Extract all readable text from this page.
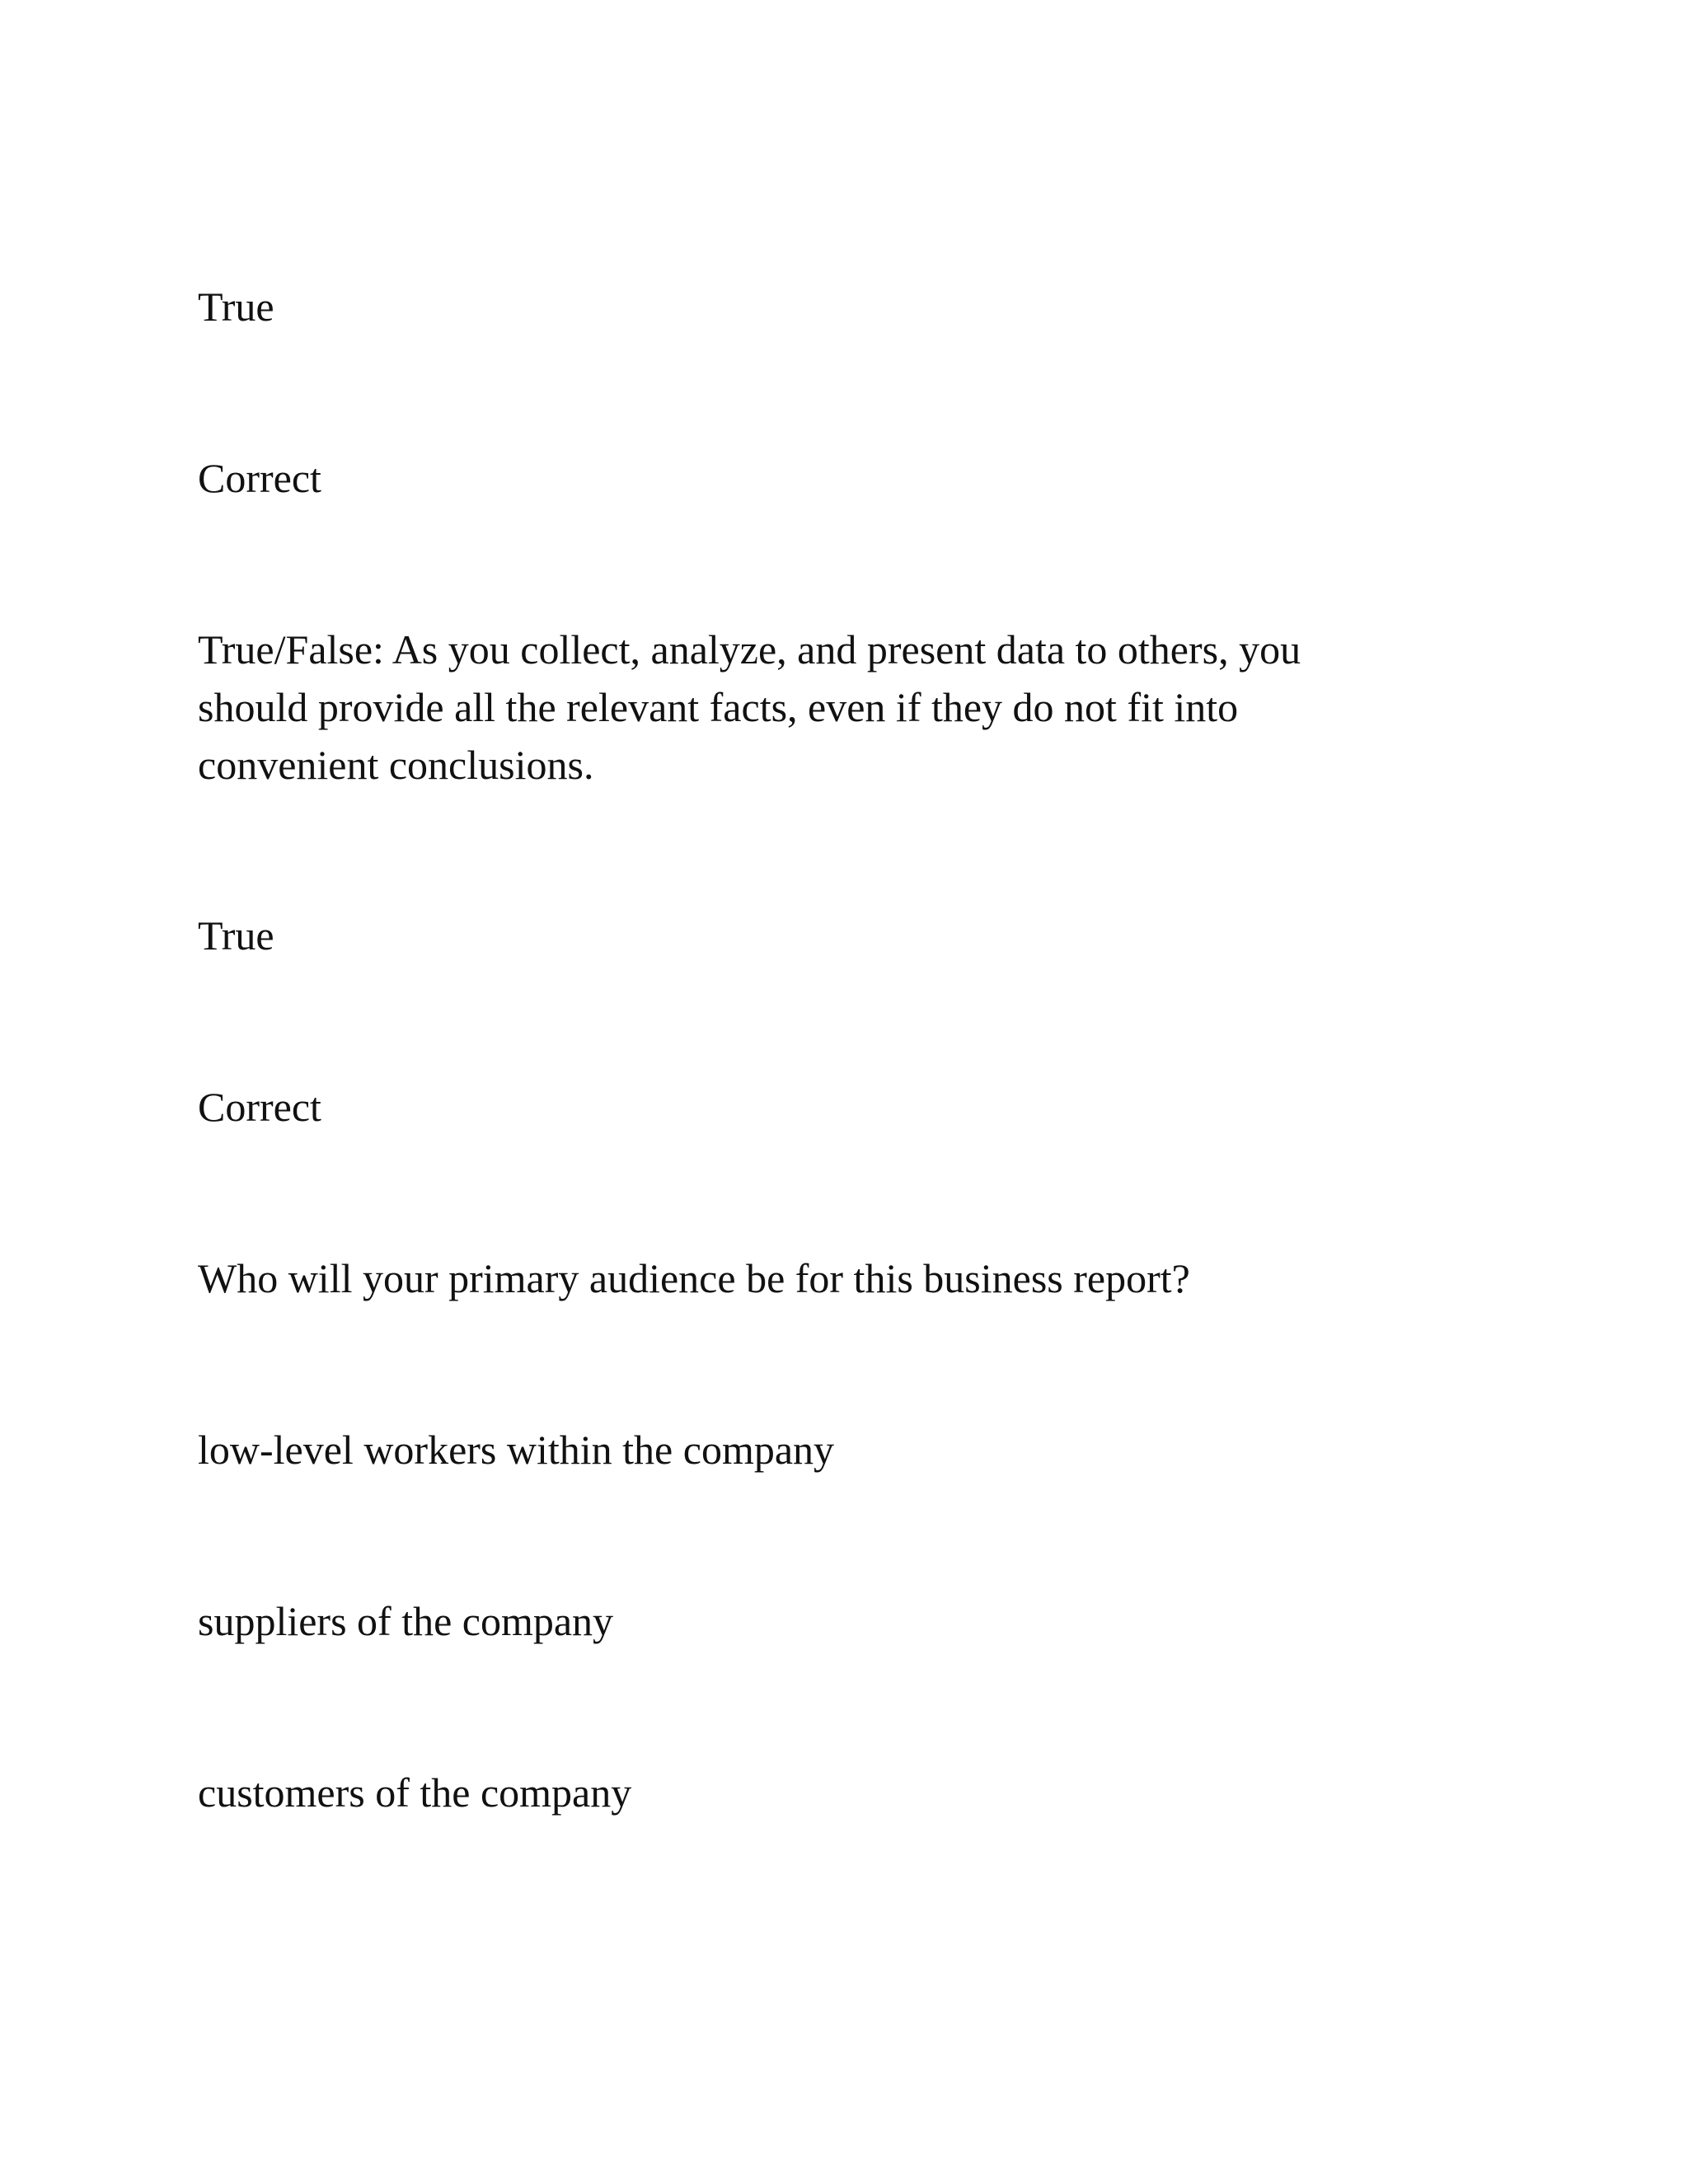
True

Correct

True/False: As you collect, analyze, and present data to others, you should provide all the relevant facts, even if they do not fit into convenient conclusions.

True

Correct

Who will your primary audience be for this business report?

low-level workers within the company

suppliers of the company

customers of the company
